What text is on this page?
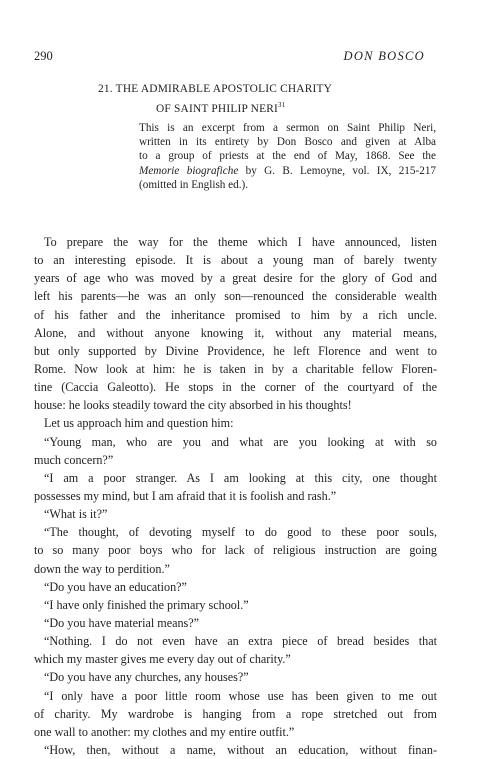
290	DON BOSCO
21. THE ADMIRABLE APOSTOLIC CHARITY
OF SAINT PHILIP NERI$^{31}$
This is an excerpt from a sermon on Saint Philip Neri,
written in its entirety by Don Bosco and given at Alba
to a group of priests at the end of May, 1868. See the
Memorie biografiche by G. B. Lemoyne, vol. IX, 215-217
(omitted in English ed.).
To prepare the way for the theme which I have announced, listen
to an interesting episode. It is about a young man of barely twenty
years of age who was moved by a great desire for the glory of God and
left his parents—he was an only son—renounced the considerable wealth
of his father and the inheritance promised to him by a rich uncle.
Alone, and without anyone knowing it, without any material means,
but only supported by Divine Providence, he left Florence and went to
Rome. Now look at him: he is taken in by a charitable fellow Floren-
tine (Caccia Galeotto). He stops in the corner of the courtyard of the
house: he looks steadily toward the city absorbed in his thoughts!
Let us approach him and question him:
“Young man, who are you and what are you looking at with so
much concern?”
“I am a poor stranger. As I am looking at this city, one thought
possesses my mind, but I am afraid that it is foolish and rash.”
“What is it?”
“The thought, of devoting myself to do good to these poor souls,
to so many poor boys who for lack of religious instruction are going
down the way to perdition.”
“Do you have an education?”
“I have only finished the primary school.”
“Do you have material means?”
“Nothing. I do not even have an extra piece of bread besides that
which my master gives me every day out of charity.”
“Do you have any churches, any houses?”
“I only have a poor little room whose use has been given to me out
of charity. My wardrobe is hanging from a rope stretched out from
one wall to another: my clothes and my entire outfit.”
“How, then, without a name, without an education, without finan-
